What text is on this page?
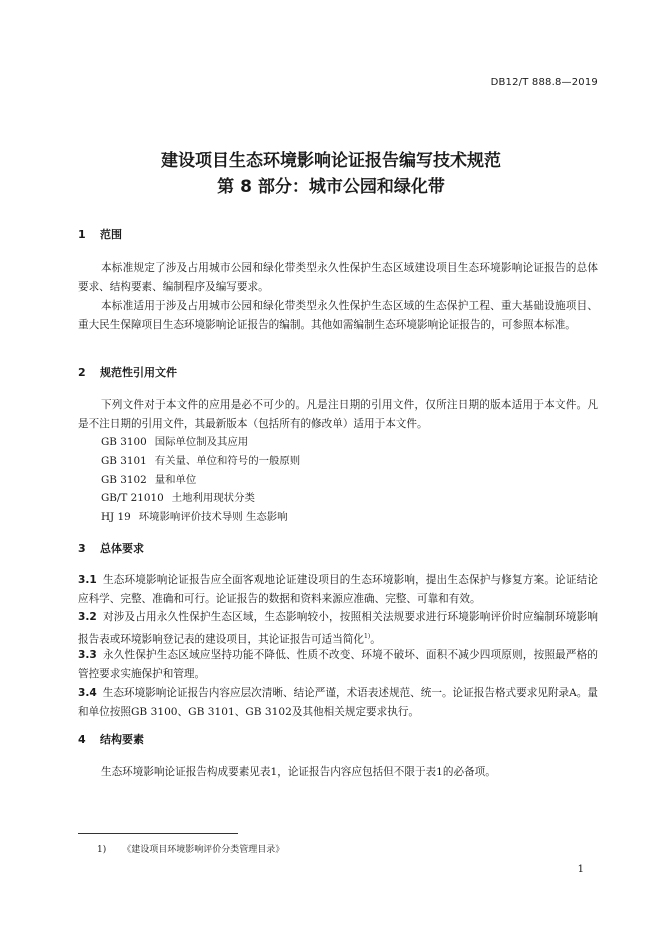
DB12/T 888.8—2019
建设项目生态环境影响论证报告编写技术规范
第 8 部分：城市公园和绿化带
1 范围
本标准规定了涉及占用城市公园和绿化带类型永久性保护生态区域建设项目生态环境影响论证报告的总体要求、结构要素、编制程序及编写要求。
本标准适用于涉及占用城市公园和绿化带类型永久性保护生态区域的生态保护工程、重大基础设施项目、重大民生保障项目生态环境影响论证报告的编制。其他如需编制生态环境影响论证报告的，可参照本标准。
2 规范性引用文件
下列文件对于本文件的应用是必不可少的。凡是注日期的引用文件，仅所注日期的版本适用于本文件。凡是不注日期的引用文件，其最新版本（包括所有的修改单）适用于本文件。
GB 3100 国际单位制及其应用
GB 3101 有关量、单位和符号的一般原则
GB 3102 量和单位
GB/T 21010 土地利用现状分类
HJ 19 环境影响评价技术导则 生态影响
3 总体要求
3.1 生态环境影响论证报告应全面客观地论证建设项目的生态环境影响，提出生态保护与修复方案。论证结论应科学、完整、准确和可行。论证报告的数据和资料来源应准确、完整、可靠和有效。
3.2 对涉及占用永久性保护生态区域，生态影响较小，按照相关法规要求进行环境影响评价时应编制环境影响报告表或环境影响登记表的建设项目，其论证报告可适当简化$^{1)}$。
3.3 永久性保护生态区域应坚持功能不降低、性质不改变、环境不破坏、面积不减少四项原则，按照最严格的管控要求实施保护和管理。
3.4 生态环境影响论证报告内容应层次清晰、结论严谨，术语表述规范、统一。论证报告格式要求见附录A。量和单位按照GB 3100、GB 3101、GB 3102及其他相关规定要求执行。
4 结构要素
生态环境影响论证报告构成要素见表1，论证报告内容应包括但不限于表1的必备项。
1) 《建设项目环境影响评价分类管理目录》
1
